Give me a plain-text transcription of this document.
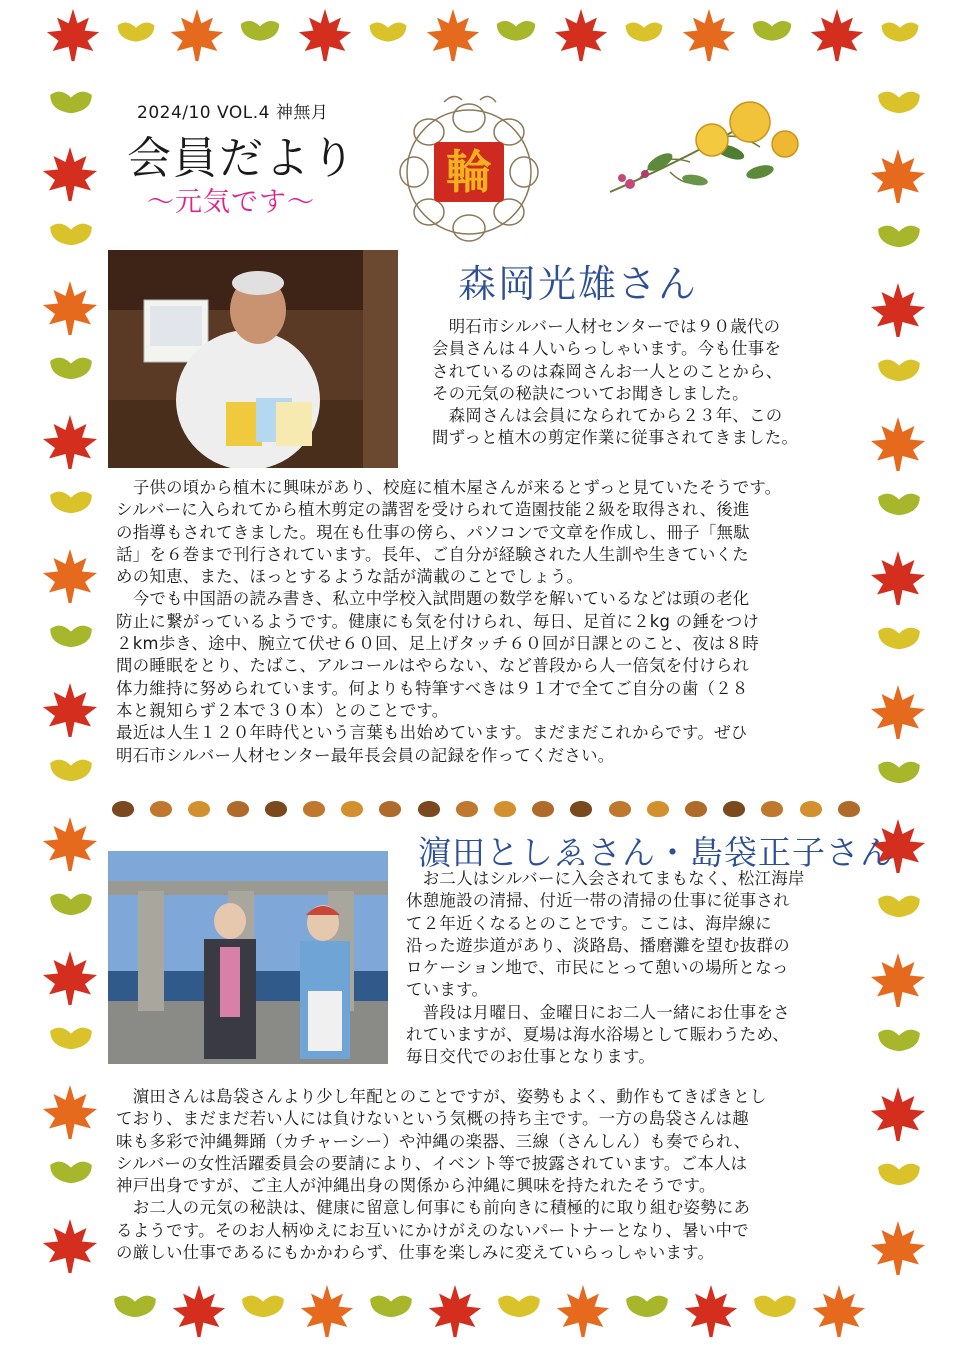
2024/10 VOL.4 神無月
会員だより
〜元気です〜
輪
森岡光雄さん
　明石市シルバー人材センターでは９０歳代の
会員さんは４人いらっしゃいます。今も仕事を
されているのは森岡さんお一人とのことから、
その元気の秘訣についてお聞きしました。
　森岡さんは会員になられてから２３年、この
間ずっと植木の剪定作業に従事されてきました。
　子供の頃から植木に興味があり、校庭に植木屋さんが来るとずっと見ていたそうです。
シルバーに入られてから植木剪定の講習を受けられて造園技能２級を取得され、後進
の指導もされてきました。現在も仕事の傍ら、パソコンで文章を作成し、冊子「無駄
話」を６巻まで刊行されています。長年、ご自分が経験された人生訓や生きていくた
めの知恵、また、ほっとするような話が満載のことでしょう。
　今でも中国語の読み書き、私立中学校入試問題の数学を解いているなどは頭の老化
防止に繋がっているようです。健康にも気を付けられ、毎日、足首に２kg の錘をつけ
２km歩き、途中、腕立て伏せ６０回、足上げタッチ６０回が日課とのこと、夜は８時
間の睡眠をとり、たばこ、アルコールはやらない、など普段から人一倍気を付けられ
体力維持に努められています。何よりも特筆すべきは９１才で全てご自分の歯（２８
本と親知らず２本で３０本）とのことです。
最近は人生１２０年時代という言葉も出始めています。まだまだこれからです。ぜひ
明石市シルバー人材センター最年長会員の記録を作ってください。
濵田としゑさん・島袋正子さん
　お二人はシルバーに入会されてまもなく、松江海岸
休憩施設の清掃、付近一帯の清掃の仕事に従事され
て２年近くなるとのことです。ここは、海岸線に
沿った遊歩道があり、淡路島、播磨灘を望む抜群の
ロケーション地で、市民にとって憩いの場所となっ
ています。
　普段は月曜日、金曜日にお二人一緒にお仕事をさ
れていますが、夏場は海水浴場として賑わうため、
毎日交代でのお仕事となります。
　濵田さんは島袋さんより少し年配とのことですが、姿勢もよく、動作もてきぱきとし
ており、まだまだ若い人には負けないという気概の持ち主です。一方の島袋さんは趣
味も多彩で沖縄舞踊（カチャーシー）や沖縄の楽器、三線（さんしん）も奏でられ、
シルバーの女性活躍委員会の要請により、イベント等で披露されています。ご本人は
神戸出身ですが、ご主人が沖縄出身の関係から沖縄に興味を持たれたそうです。
　お二人の元気の秘訣は、健康に留意し何事にも前向きに積極的に取り組む姿勢にあ
るようです。そのお人柄ゆえにお互いにかけがえのないパートナーとなり、暑い中で
の厳しい仕事であるにもかかわらず、仕事を楽しみに変えていらっしゃいます。
